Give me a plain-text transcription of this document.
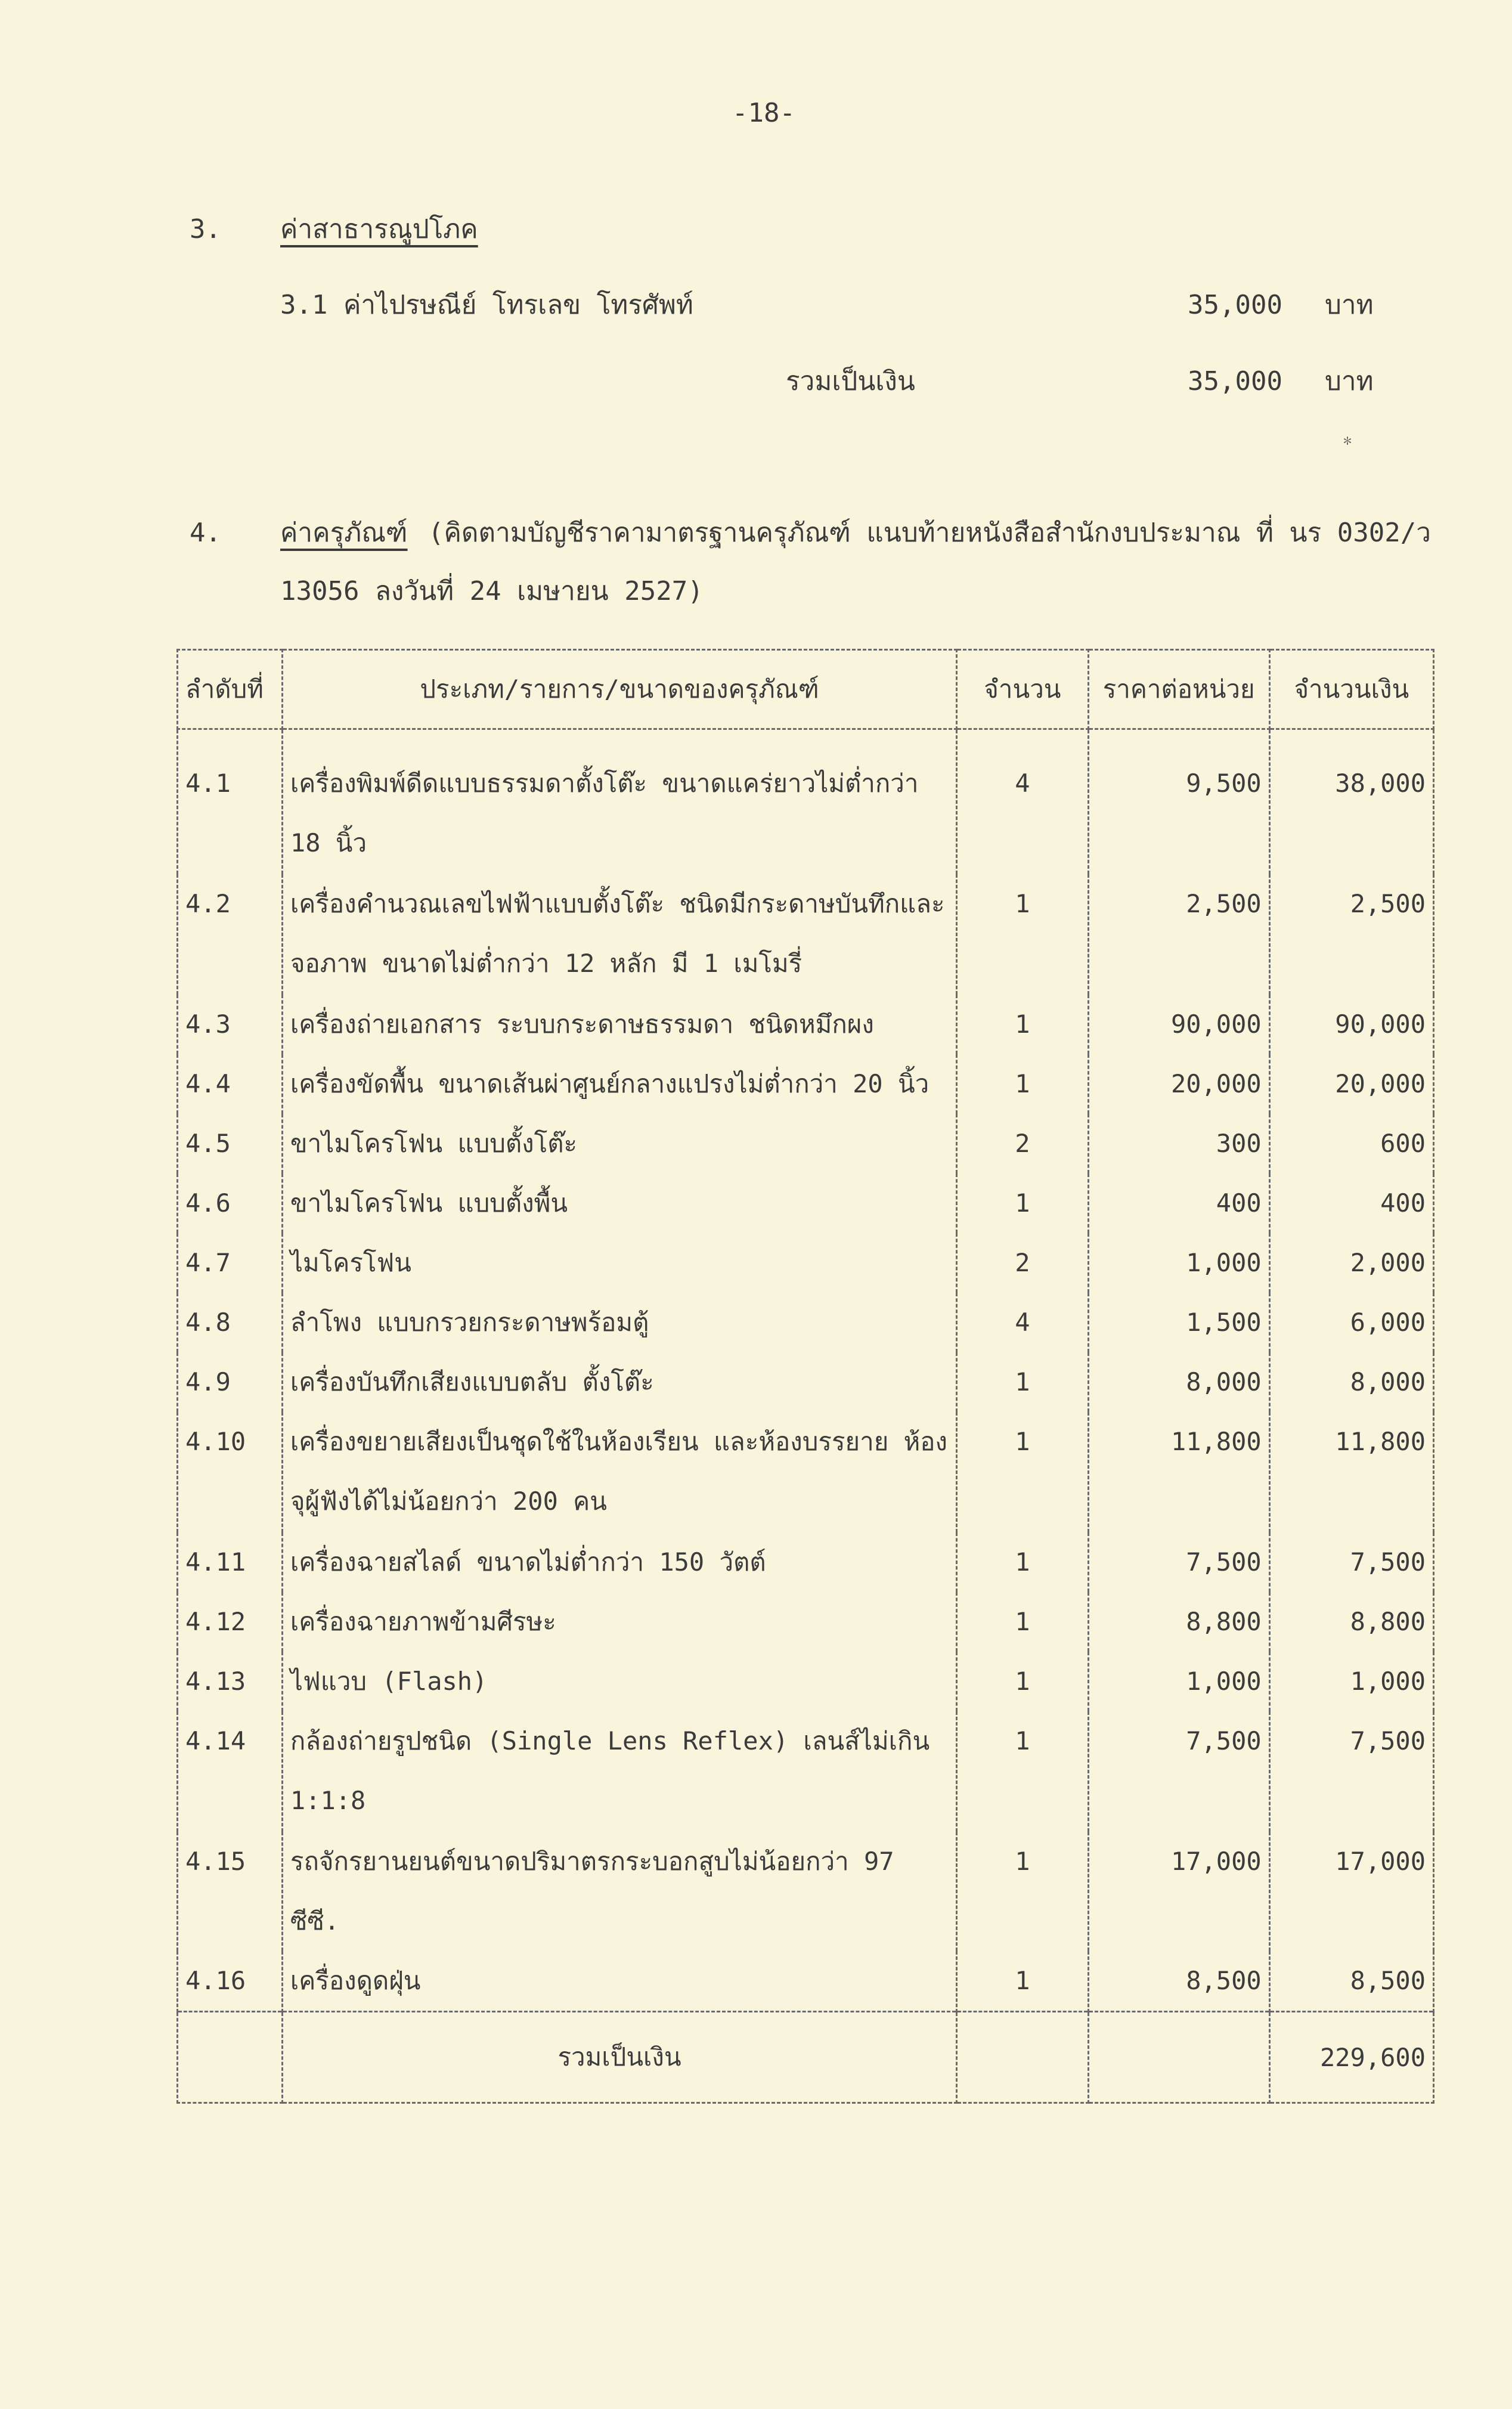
-18-
3. ค่าสาธารณูปโภค
3.1 ค่าไปรษณีย์ โทรเลข โทรศัพท์	35,000 บาท
รวมเป็นเงิน	35,000 บาท
﹡
4. ค่าครุภัณฑ์ (คิดตามบัญชีราคามาตรฐานครุภัณฑ์ แนบท้ายหนังสือสำนักงบประมาณ ที่ นร 0302/ว
13056 ลงวันที่ 24 เมษายน 2527)
ลำดับที่	ประเภท/รายการ/ขนาดของครุภัณฑ์	จำนวน	ราคาต่อหน่วย	จำนวนเงิน
4.1	เครื่องพิมพ์ดีดแบบธรรมดาตั้งโต๊ะ ขนาดแคร่ยาวไม่ต่ำกว่า 18 นิ้ว	4	9,500	38,000
4.2	เครื่องคำนวณเลขไฟฟ้าแบบตั้งโต๊ะ ชนิดมีกระดาษบันทึกและจอภาพ ขนาดไม่ต่ำกว่า 12 หลัก มี 1 เมโมรี่	1	2,500	2,500
4.3	เครื่องถ่ายเอกสาร ระบบกระดาษธรรมดา ชนิดหมึกผง	1	90,000	90,000
4.4	เครื่องขัดพื้น ขนาดเส้นผ่าศูนย์กลางแปรงไม่ต่ำกว่า 20 นิ้ว	1	20,000	20,000
4.5	ขาไมโครโฟน แบบตั้งโต๊ะ	2	300	600
4.6	ขาไมโครโฟน แบบตั้งพื้น	1	400	400
4.7	ไมโครโฟน	2	1,000	2,000
4.8	ลำโพง แบบกรวยกระดาษพร้อมตู้	4	1,500	6,000
4.9	เครื่องบันทึกเสียงแบบตลับ ตั้งโต๊ะ	1	8,000	8,000
4.10	เครื่องขยายเสียงเป็นชุดใช้ในห้องเรียน และห้องบรรยาย ห้องจุผู้ฟังได้ไม่น้อยกว่า 200 คน	1	11,800	11,800
4.11	เครื่องฉายสไลด์ ขนาดไม่ต่ำกว่า 150 วัตต์	1	7,500	7,500
4.12	เครื่องฉายภาพข้ามศีรษะ	1	8,800	8,800
4.13	ไฟแวบ (Flash)	1	1,000	1,000
4.14	กล้องถ่ายรูปชนิด (Single Lens Reflex) เลนส์ไม่เกิน 1:1:8	1	7,500	7,500
4.15	รถจักรยานยนต์ขนาดปริมาตรกระบอกสูบไม่น้อยกว่า 97 ซีซี.	1	17,000	17,000
4.16	เครื่องดูดฝุ่น	1	8,500	8,500
	รวมเป็นเงิน			229,600
